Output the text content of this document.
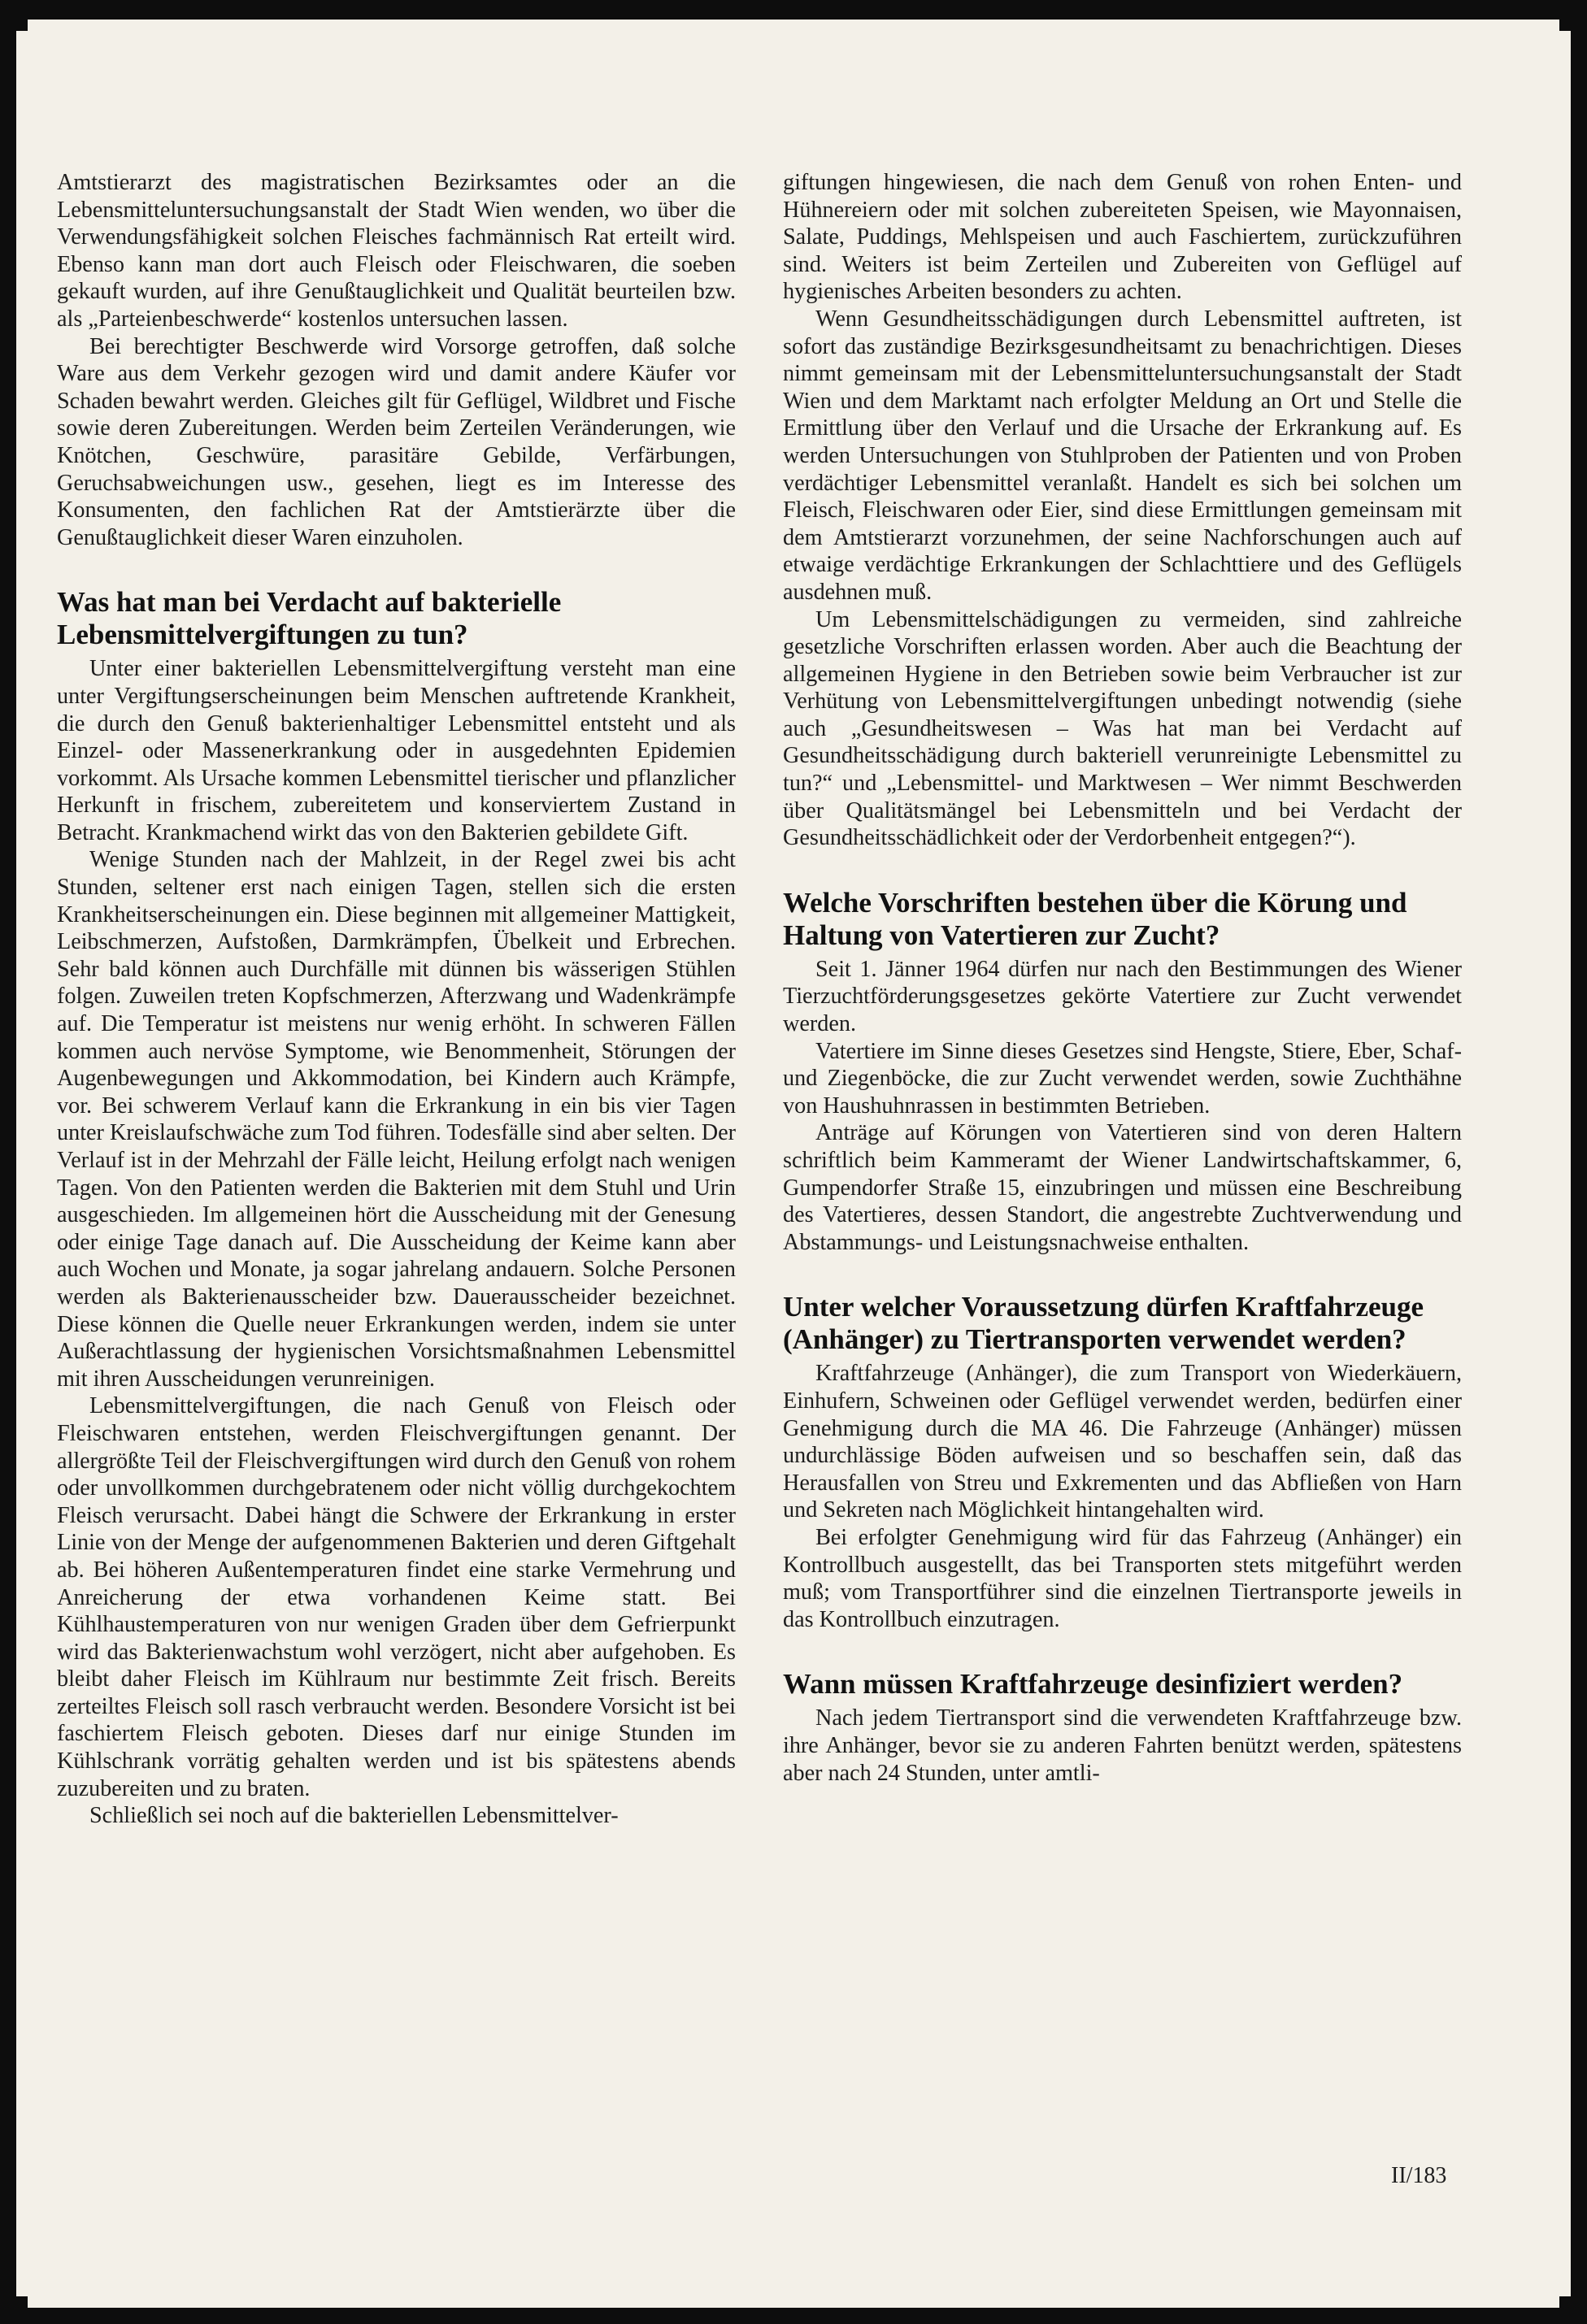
Amtstierarzt des magistratischen Bezirksamtes oder an die Lebensmitteluntersuchungsanstalt der Stadt Wien wenden, wo über die Verwendungsfähigkeit solchen Fleisches fachmännisch Rat erteilt wird. Ebenso kann man dort auch Fleisch oder Fleischwaren, die soeben gekauft wurden, auf ihre Genußtauglichkeit und Qualität beurteilen bzw. als „Parteienbeschwerde“ kostenlos untersuchen lassen.

Bei berechtigter Beschwerde wird Vorsorge getroffen, daß solche Ware aus dem Verkehr gezogen wird und damit andere Käufer vor Schaden bewahrt werden. Gleiches gilt für Geflügel, Wildbret und Fische sowie deren Zubereitungen. Werden beim Zerteilen Veränderungen, wie Knötchen, Geschwüre, parasitäre Gebilde, Verfärbungen, Geruchsabweichungen usw., gesehen, liegt es im Interesse des Konsumenten, den fachlichen Rat der Amtstierärzte über die Genußtauglichkeit dieser Waren einzuholen.

Was hat man bei Verdacht auf bakterielle Lebensmittelvergiftungen zu tun?

Unter einer bakteriellen Lebensmittelvergiftung versteht man eine unter Vergiftungserscheinungen beim Menschen auftretende Krankheit, die durch den Genuß bakterienhaltiger Lebensmittel entsteht und als Einzel- oder Massenerkrankung oder in ausgedehnten Epidemien vorkommt. Als Ursache kommen Lebensmittel tierischer und pflanzlicher Herkunft in frischem, zubereitetem und konserviertem Zustand in Betracht. Krankmachend wirkt das von den Bakterien gebildete Gift.

Wenige Stunden nach der Mahlzeit, in der Regel zwei bis acht Stunden, seltener erst nach einigen Tagen, stellen sich die ersten Krankheitserscheinungen ein. Diese beginnen mit allgemeiner Mattigkeit, Leibschmerzen, Aufstoßen, Darmkrämpfen, Übelkeit und Erbrechen. Sehr bald können auch Durchfälle mit dünnen bis wässerigen Stühlen folgen. Zuweilen treten Kopfschmerzen, Afterzwang und Wadenkrämpfe auf. Die Temperatur ist meistens nur wenig erhöht. In schweren Fällen kommen auch nervöse Symptome, wie Benommenheit, Störungen der Augenbewegungen und Akkommodation, bei Kindern auch Krämpfe, vor. Bei schwerem Verlauf kann die Erkrankung in ein bis vier Tagen unter Kreislaufschwäche zum Tod führen. Todesfälle sind aber selten. Der Verlauf ist in der Mehrzahl der Fälle leicht, Heilung erfolgt nach wenigen Tagen. Von den Patienten werden die Bakterien mit dem Stuhl und Urin ausgeschieden. Im allgemeinen hört die Ausscheidung mit der Genesung oder einige Tage danach auf. Die Ausscheidung der Keime kann aber auch Wochen und Monate, ja sogar jahrelang andauern. Solche Personen werden als Bakterienausscheider bzw. Dauerausscheider bezeichnet. Diese können die Quelle neuer Erkrankungen werden, indem sie unter Außerachtlassung der hygienischen Vorsichtsmaßnahmen Lebensmittel mit ihren Ausscheidungen verunreinigen.

Lebensmittelvergiftungen, die nach Genuß von Fleisch oder Fleischwaren entstehen, werden Fleischvergiftungen genannt. Der allergrößte Teil der Fleischvergiftungen wird durch den Genuß von rohem oder unvollkommen durchgebratenem oder nicht völlig durchgekochtem Fleisch verursacht. Dabei hängt die Schwere der Erkrankung in erster Linie von der Menge der aufgenommenen Bakterien und deren Giftgehalt ab. Bei höheren Außentemperaturen findet eine starke Vermehrung und Anreicherung der etwa vorhandenen Keime statt. Bei Kühlhaustemperaturen von nur wenigen Graden über dem Gefrierpunkt wird das Bakterienwachstum wohl verzögert, nicht aber aufgehoben. Es bleibt daher Fleisch im Kühlraum nur bestimmte Zeit frisch. Bereits zerteiltes Fleisch soll rasch verbraucht werden. Besondere Vorsicht ist bei faschiertem Fleisch geboten. Dieses darf nur einige Stunden im Kühlschrank vorrätig gehalten werden und ist bis spätestens abends zuzubereiten und zu braten.

Schließlich sei noch auf die bakteriellen Lebensmittelver-

giftungen hingewiesen, die nach dem Genuß von rohen Enten- und Hühnereiern oder mit solchen zubereiteten Speisen, wie Mayonnaisen, Salate, Puddings, Mehlspeisen und auch Faschiertem, zurückzuführen sind. Weiters ist beim Zerteilen und Zubereiten von Geflügel auf hygienisches Arbeiten besonders zu achten.

Wenn Gesundheitsschädigungen durch Lebensmittel auftreten, ist sofort das zuständige Bezirksgesundheitsamt zu benachrichtigen. Dieses nimmt gemeinsam mit der Lebensmitteluntersuchungsanstalt der Stadt Wien und dem Marktamt nach erfolgter Meldung an Ort und Stelle die Ermittlung über den Verlauf und die Ursache der Erkrankung auf. Es werden Untersuchungen von Stuhlproben der Patienten und von Proben verdächtiger Lebensmittel veranlaßt. Handelt es sich bei solchen um Fleisch, Fleischwaren oder Eier, sind diese Ermittlungen gemeinsam mit dem Amtstierarzt vorzunehmen, der seine Nachforschungen auch auf etwaige verdächtige Erkrankungen der Schlachttiere und des Geflügels ausdehnen muß.

Um Lebensmittelschädigungen zu vermeiden, sind zahlreiche gesetzliche Vorschriften erlassen worden. Aber auch die Beachtung der allgemeinen Hygiene in den Betrieben sowie beim Verbraucher ist zur Verhütung von Lebensmittelvergiftungen unbedingt notwendig (siehe auch „Gesundheitswesen – Was hat man bei Verdacht auf Gesundheitsschädigung durch bakteriell verunreinigte Lebensmittel zu tun?“ und „Lebensmittel- und Marktwesen – Wer nimmt Beschwerden über Qualitätsmängel bei Lebensmitteln und bei Verdacht der Gesundheitsschädlichkeit oder der Verdorbenheit entgegen?“).

Welche Vorschriften bestehen über die Körung und Haltung von Vatertieren zur Zucht?

Seit 1. Jänner 1964 dürfen nur nach den Bestimmungen des Wiener Tierzuchtförderungsgesetzes gekörte Vatertiere zur Zucht verwendet werden.

Vatertiere im Sinne dieses Gesetzes sind Hengste, Stiere, Eber, Schaf- und Ziegenböcke, die zur Zucht verwendet werden, sowie Zuchthähne von Haushuhnrassen in bestimmten Betrieben.

Anträge auf Körungen von Vatertieren sind von deren Haltern schriftlich beim Kammeramt der Wiener Landwirtschaftskammer, 6, Gumpendorfer Straße 15, einzubringen und müssen eine Beschreibung des Vatertieres, dessen Standort, die angestrebte Zuchtverwendung und Abstammungs- und Leistungsnachweise enthalten.

Unter welcher Voraussetzung dürfen Kraftfahrzeuge (Anhänger) zu Tiertransporten verwendet werden?

Kraftfahrzeuge (Anhänger), die zum Transport von Wiederkäuern, Einhufern, Schweinen oder Geflügel verwendet werden, bedürfen einer Genehmigung durch die MA 46. Die Fahrzeuge (Anhänger) müssen undurchlässige Böden aufweisen und so beschaffen sein, daß das Herausfallen von Streu und Exkrementen und das Abfließen von Harn und Sekreten nach Möglichkeit hintangehalten wird.

Bei erfolgter Genehmigung wird für das Fahrzeug (Anhänger) ein Kontrollbuch ausgestellt, das bei Transporten stets mitgeführt werden muß; vom Transportführer sind die einzelnen Tiertransporte jeweils in das Kontrollbuch einzutragen.

Wann müssen Kraftfahrzeuge desinfiziert werden?

Nach jedem Tiertransport sind die verwendeten Kraftfahrzeuge bzw. ihre Anhänger, bevor sie zu anderen Fahrten benützt werden, spätestens aber nach 24 Stunden, unter amtli-

II/183
